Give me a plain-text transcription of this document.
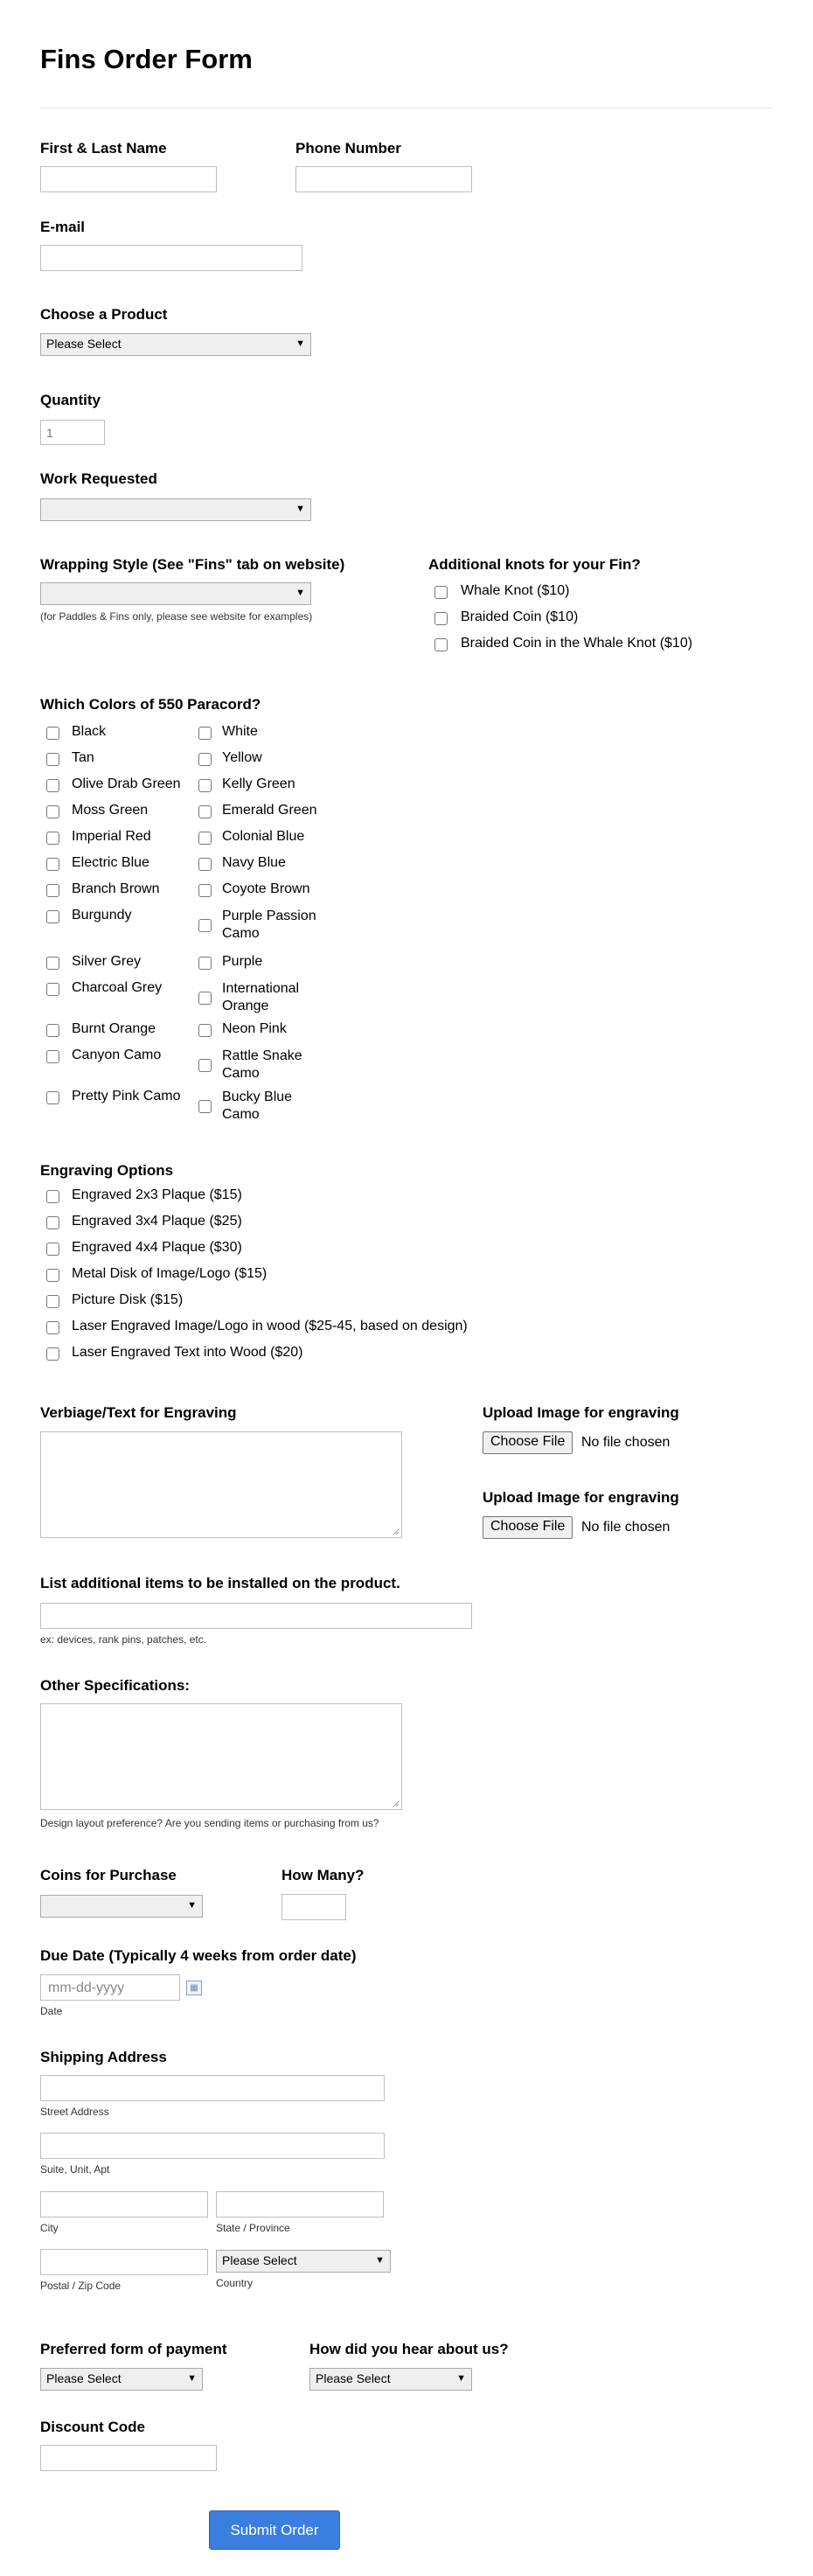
Fins Order Form
First & Last Name	Phone Number
E-mail
Choose a Product
Please Select	▼
Quantity
1
Work Requested
▼
Wrapping Style (See "Fins" tab on website)
▼
(for Paddles & Fins only, please see website for examples)
Additional knots for your Fin?
Whale Knot ($10)
Braided Coin ($10)
Braided Coin in the Whale Knot ($10)
Which Colors of 550 Paracord?
Black
Tan
Olive Drab Green
Moss Green
Imperial Red
Electric Blue
Branch Brown
Burgundy
Silver Grey
Charcoal Grey
Burnt Orange
Canyon Camo
Pretty Pink Camo
White
Yellow
Kelly Green
Emerald Green
Colonial Blue
Navy Blue
Coyote Brown
Purple Passion Camo
Purple
International Orange
Neon Pink
Rattle Snake Camo
Bucky Blue Camo
Engraving Options
Engraved 2x3 Plaque ($15)
Engraved 3x4 Plaque ($25)
Engraved 4x4 Plaque ($30)
Metal Disk of Image/Logo ($15)
Picture Disk ($15)
Laser Engraved Image/Logo in wood ($25-45, based on design)
Laser Engraved Text into Wood ($20)
Verbiage/Text for Engraving	Upload Image for engraving
Choose File	No file chosen
Upload Image for engraving
Choose File	No file chosen
List additional items to be installed on the product.
ex: devices, rank pins, patches, etc.
Other Specifications:
Design layout preference? Are you sending items or purchasing from us?
Coins for Purchase
▼
How Many?
Due Date (Typically 4 weeks from order date)
mm-dd-yyyy	▦
Date
Shipping Address
Street Address
Suite, Unit, Apt
City	State / Province
Postal / Zip Code
Please Select	▼
Country
Preferred form of payment
Please Select	▼
How did you hear about us?
Please Select	▼
Discount Code
Submit Order
